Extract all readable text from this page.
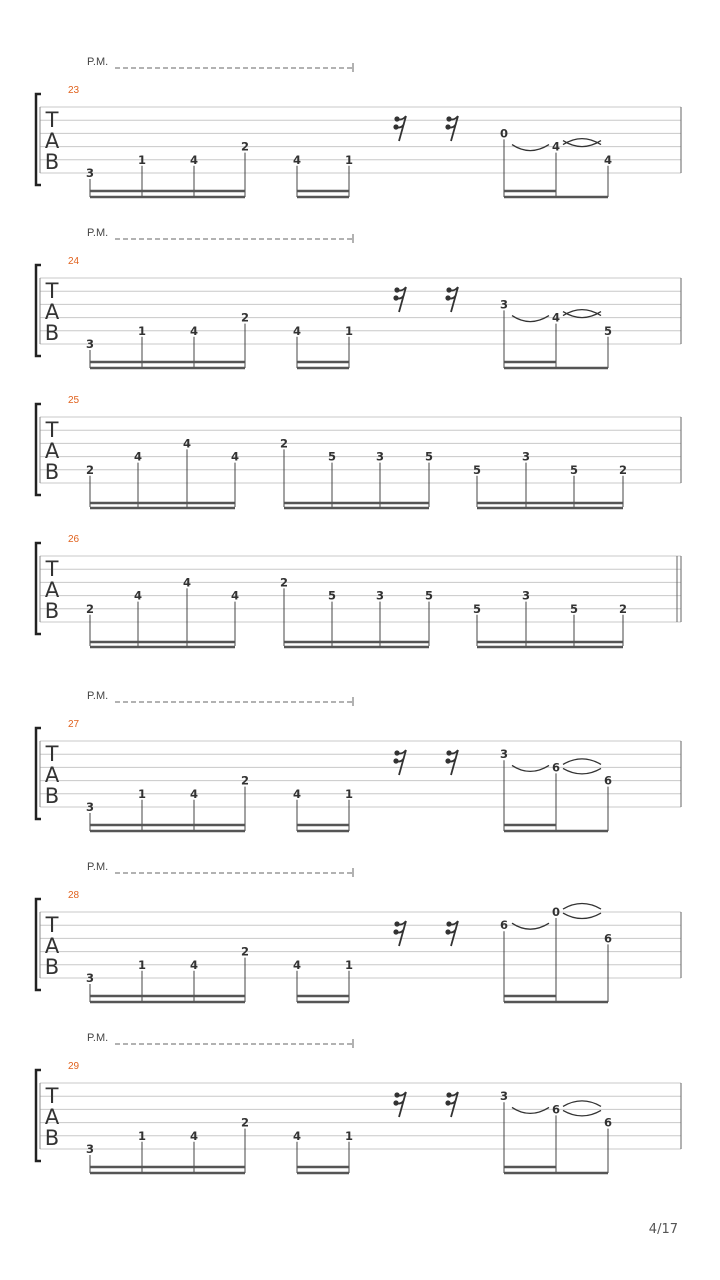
23
T
A
B
P.M.
3
1	4
2
4	1
0
4
4
24
T
A
B
P.M.
3
1	4
2
4	1
3
4
5
25
T
A
B 2
4
4
4
2
5	3	5
5
3
5	2
26
T
A
B 2
4
4
4
2
5	3	5
5
3
5	2
27
T
A
B
P.M.
3
1	4
2
4	1
3
6
6
28
T
A
B
P.M.
3
1	4
2
4	1
6
0
6
29
T
A
B
P.M.
3
1	4
2
4	1
3
6
6
4/17
